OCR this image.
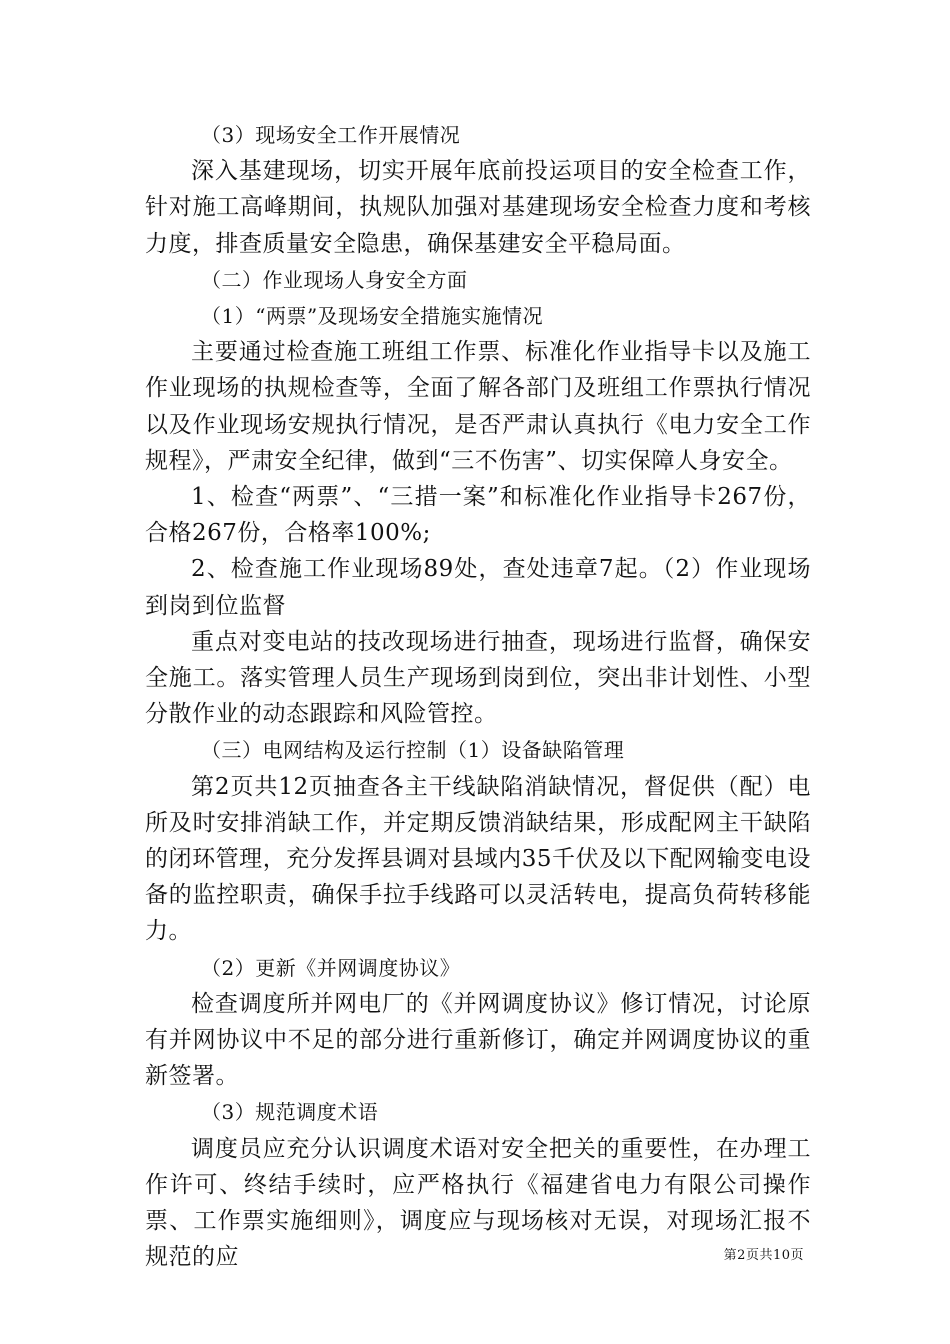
（3）现场安全工作开展情况

深入基建现场，切实开展年底前投运项目的安全检查工作，针对施工高峰期间，执规队加强对基建现场安全检查力度和考核力度，排查质量安全隐患，确保基建安全平稳局面。

（二）作业现场人身安全方面

（1）“两票”及现场安全措施实施情况

主要通过检查施工班组工作票、标准化作业指导卡以及施工作业现场的执规检查等，全面了解各部门及班组工作票执行情况以及作业现场安规执行情况，是否严肃认真执行《电力安全工作规程》，严肃安全纪律，做到“三不伤害”、切实保障人身安全。

1、检查“两票”、“三措一案”和标准化作业指导卡267份，合格267份，合格率100%;

2、检查施工作业现场89处，查处违章7起。（2）作业现场到岗到位监督

重点对变电站的技改现场进行抽查，现场进行监督，确保安全施工。落实管理人员生产现场到岗到位，突出非计划性、小型分散作业的动态跟踪和风险管控。

（三）电网结构及运行控制（1）设备缺陷管理

第2页共12页抽查各主干线缺陷消缺情况，督促供（配）电所及时安排消缺工作，并定期反馈消缺结果，形成配网主干缺陷的闭环管理，充分发挥县调对县域内35千伏及以下配网输变电设备的监控职责，确保手拉手线路可以灵活转电，提高负荷转移能力。

（2）更新《并网调度协议》

检查调度所并网电厂的《并网调度协议》修订情况，讨论原有并网协议中不足的部分进行重新修订，确定并网调度协议的重新签署。

（3）规范调度术语

调度员应充分认识调度术语对安全把关的重要性，在办理工作许可、终结手续时，应严格执行《福建省电力有限公司操作票、工作票实施细则》，调度应与现场核对无误，对现场汇报不规范的应	第2页共10页
